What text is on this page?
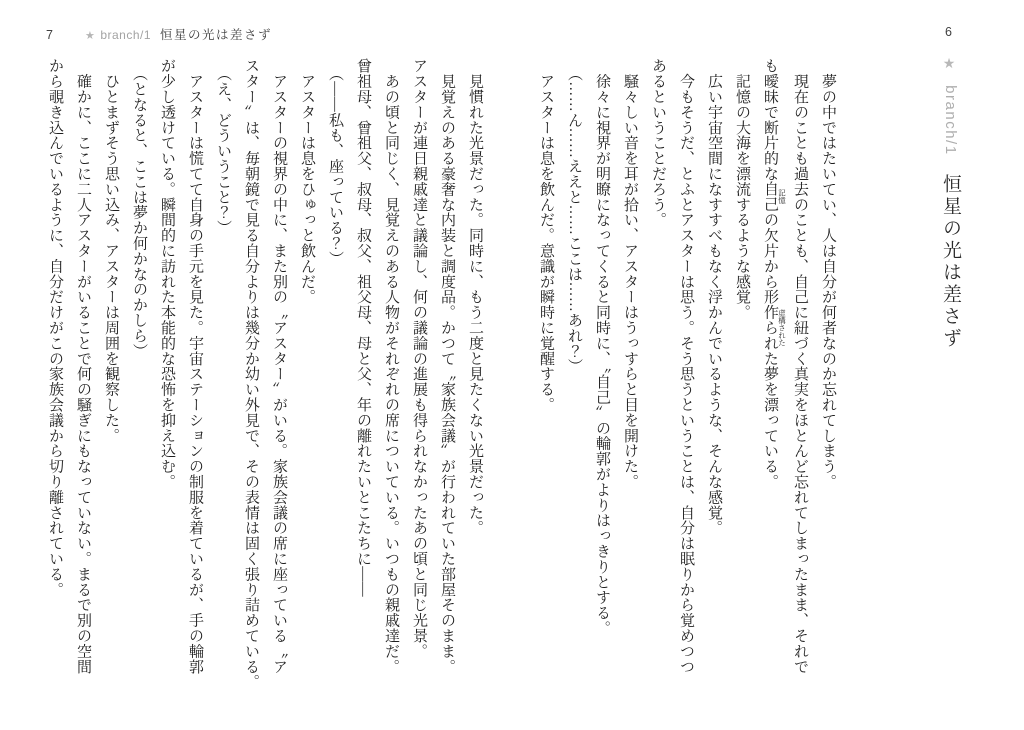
7	★ branch/1 恒星の光は差さず	6
★ branch/1恒星の光は差さず
　夢の中ではたいてい、人は自分が何者なのか忘れてしまう。
　現在のことも過去のことも、自己に紐づく真実をほとんど忘れてしまったまま、それで
も曖昧で断片的な自己 記憶の欠片から形作られた 虚構された夢を漂っている。
　記憶の大海を漂流するような感覚。
　広い宇宙空間になすすべもなく浮かんでいるような、そんな感覚。
　今もそうだ、とふとアスターは思う。そう思うということは、自分は眠りから覚めつつ
あるということだろう。
　騒々しい音を耳が拾い、アスターはうっすらと目を開けた。
　徐々に視界が明瞭になってくると同時に、〝自己〟の輪郭がよりはっきりとする。
　（……ん……ええと……ここは……あれ？）
　アスターは息を飲んだ。意識が瞬時に覚醒する。
　見慣れた光景だった。同時に、もう二度と見たくない光景だった。
　見覚えのある豪奢な内装と調度品。かつて〝家族会議〟が行われていた部屋そのまま。
アスターが連日親戚達と議論し、何の議論の進展も得られなかったあの頃と同じ光景。
　あの頃と同じく、見覚えのある人物がそれぞれの席についている。いつもの親戚達だ。
曾祖母、曾祖父、叔母、叔父、祖父母、母と父、年の離れたいとこたちに――
　（――私も、座っている？）
　アスターは息をひゅっと飲んだ。
　アスターの視界の中に、また別の〝アスター〟がいる。家族会議の席に座っている〝ア
スター〟は、毎朝鏡で見る自分よりは幾分か幼い外見で、その表情は固く張り詰めている。
　（え、どういうこと？）
　アスターは慌てて自身の手元を見た。宇宙ステーションの制服を着ているが、手の輪郭
が少し透けている。瞬間的に訪れた本能的な恐怖を抑え込む。
　（となると、ここは夢か何かなのかしら）
　ひとまずそう思い込み、アスターは周囲を観察した。
　確かに、ここに二人アスターがいることで何の騒ぎにもなっていない。まるで別の空間
から覗き込んでいるように、自分だけがこの家族会議から切り離されている。
